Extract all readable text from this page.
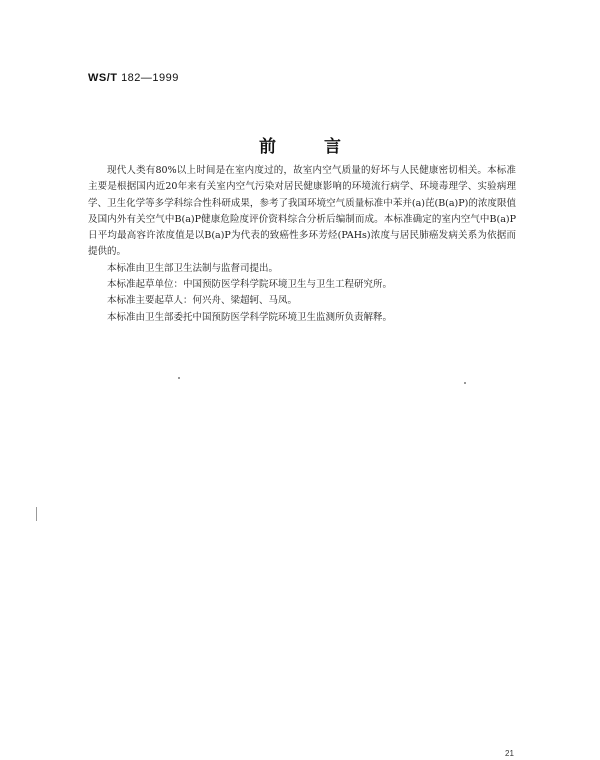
WS/T 182—1999
前言

现代人类有80%以上时间是在室内度过的，故室内空气质量的好坏与人民健康密切相关。本标准主要是根据国内近20年来有关室内空气污染对居民健康影响的环境流行病学、环境毒理学、实验病理学、卫生化学等多学科综合性科研成果，参考了我国环境空气质量标准中苯并(a)芘(B(a)P)的浓度限值及国内外有关空气中B(a)P健康危险度评价资料综合分析后编制而成。本标准确定的室内空气中B(a)P日平均最高容许浓度值是以B(a)P为代表的致癌性多环芳烃(PAHs)浓度与居民肺癌发病关系为依据而提供的。

本标准由卫生部卫生法制与监督司提出。

本标准起草单位：中国预防医学科学院环境卫生与卫生工程研究所。

本标准主要起草人：何兴舟、梁超轲、马凤。

本标准由卫生部委托中国预防医学科学院环境卫生监测所负责解释。

21
